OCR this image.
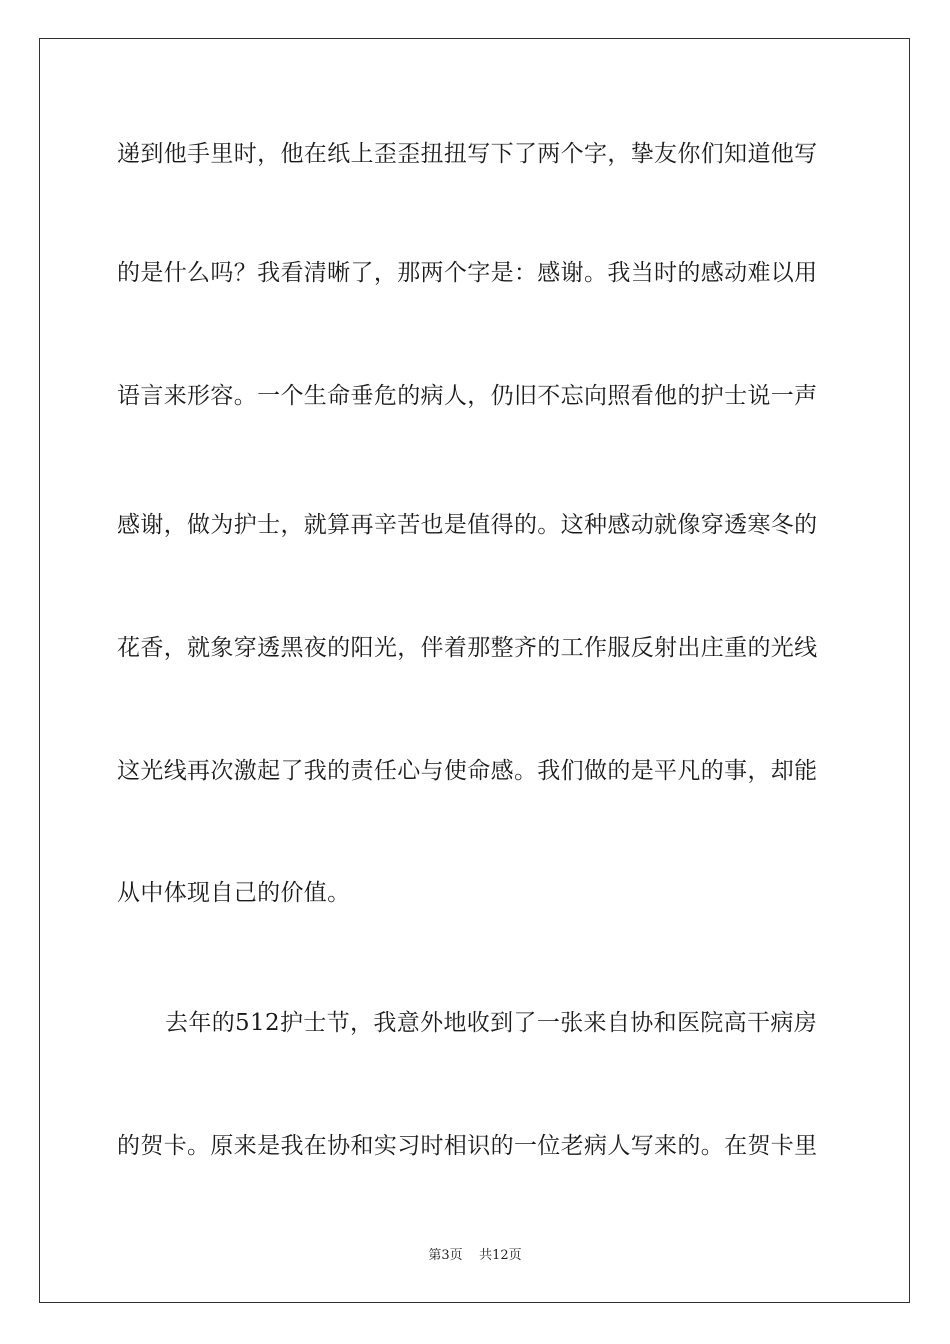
递到他手里时，他在纸上歪歪扭扭写下了两个字，挚友你们知道他写
的是什么吗？我看清晰了，那两个字是：感谢。我当时的感动难以用
语言来形容。一个生命垂危的病人，仍旧不忘向照看他的护士说一声
感谢，做为护士，就算再辛苦也是值得的。这种感动就像穿透寒冬的
花香，就象穿透黑夜的阳光，伴着那整齐的工作服反射出庄重的光线
这光线再次激起了我的责任心与使命感。我们做的是平凡的事，却能
从中体现自己的价值。
去年的512护士节，我意外地收到了一张来自协和医院高干病房
的贺卡。原来是我在协和实习时相识的一位老病人写来的。在贺卡里
第3页    共12页
